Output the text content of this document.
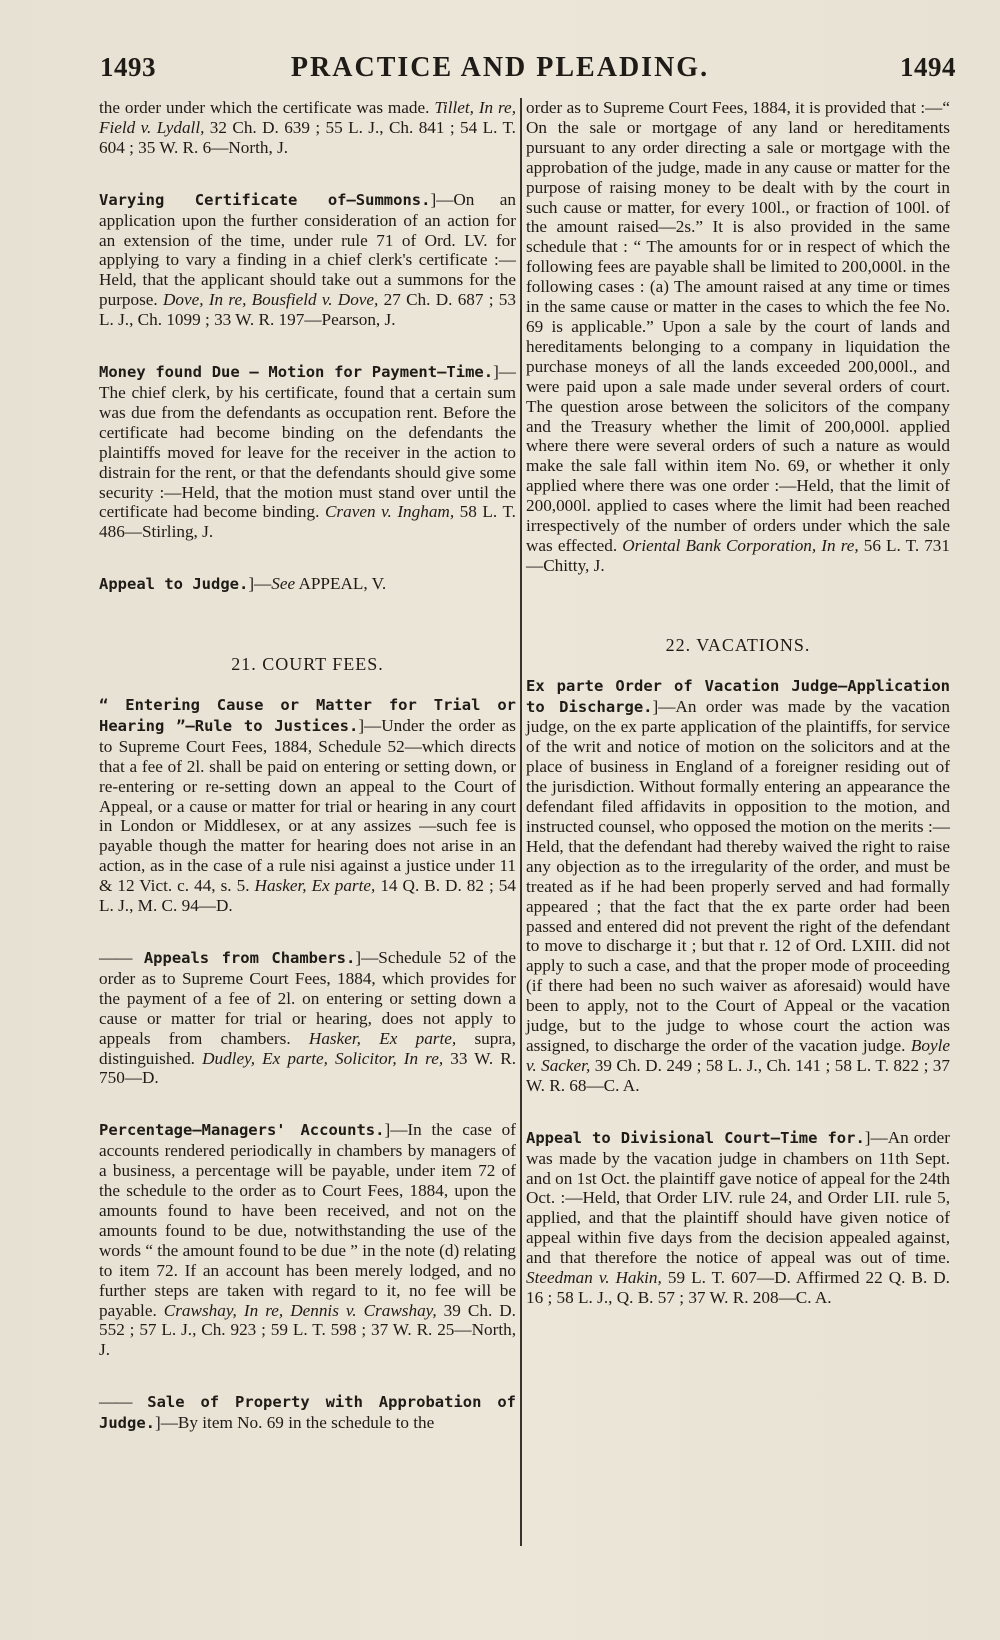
1493	PRACTICE AND PLEADING.	1494

the order under which the certificate was made. Tillet, In re, Field v. Lydall, 32 Ch. D. 639 ; 55 L. J., Ch. 841 ; 54 L. T. 604 ; 35 W. R. 6—North, J.

Varying Certificate of—Summons.]—On an application upon the further consideration of an action for an extension of the time, under rule 71 of Ord. LV. for applying to vary a finding in a chief clerk's certificate :—Held, that the applicant should take out a summons for the purpose. Dove, In re, Bousfield v. Dove, 27 Ch. D. 687 ; 53 L. J., Ch. 1099 ; 33 W. R. 197—Pearson, J.

Money found Due — Motion for Payment—Time.]—The chief clerk, by his certificate, found that a certain sum was due from the defendants as occupation rent. Before the certificate had become binding on the defendants the plaintiffs moved for leave for the receiver in the action to distrain for the rent, or that the defendants should give some security :—Held, that the motion must stand over until the certificate had become binding. Craven v. Ingham, 58 L. T. 486—Stirling, J.

Appeal to Judge.]—See APPEAL, V.

21. COURT FEES.

“ Entering Cause or Matter for Trial or Hearing ”—Rule to Justices.]—Under the order as to Supreme Court Fees, 1884, Schedule 52—which directs that a fee of 2l. shall be paid on entering or setting down, or re-entering or re-setting down an appeal to the Court of Appeal, or a cause or matter for trial or hearing in any court in London or Middlesex, or at any assizes —such fee is payable though the matter for hearing does not arise in an action, as in the case of a rule nisi against a justice under 11 & 12 Vict. c. 44, s. 5. Hasker, Ex parte, 14 Q. B. D. 82 ; 54 L. J., M. C. 94—D.

—— Appeals from Chambers.]—Schedule 52 of the order as to Supreme Court Fees, 1884, which provides for the payment of a fee of 2l. on entering or setting down a cause or matter for trial or hearing, does not apply to appeals from chambers. Hasker, Ex parte, supra, distinguished. Dudley, Ex parte, Solicitor, In re, 33 W. R. 750—D.

Percentage—Managers' Accounts.]—In the case of accounts rendered periodically in chambers by managers of a business, a percentage will be payable, under item 72 of the schedule to the order as to Court Fees, 1884, upon the amounts found to have been received, and not on the amounts found to be due, notwithstanding the use of the words “ the amount found to be due ” in the note (d) relating to item 72. If an account has been merely lodged, and no further steps are taken with regard to it, no fee will be payable. Crawshay, In re, Dennis v. Crawshay, 39 Ch. D. 552 ; 57 L. J., Ch. 923 ; 59 L. T. 598 ; 37 W. R. 25—North, J.

—— Sale of Property with Approbation of Judge.]—By item No. 69 in the schedule to the

order as to Supreme Court Fees, 1884, it is provided that :—“ On the sale or mortgage of any land or hereditaments pursuant to any order directing a sale or mortgage with the approbation of the judge, made in any cause or matter for the purpose of raising money to be dealt with by the court in such cause or matter, for every 100l., or fraction of 100l. of the amount raised—2s.” It is also provided in the same schedule that : “ The amounts for or in respect of which the following fees are payable shall be limited to 200,000l. in the following cases : (a) The amount raised at any time or times in the same cause or matter in the cases to which the fee No. 69 is applicable.” Upon a sale by the court of lands and hereditaments belonging to a company in liquidation the purchase moneys of all the lands exceeded 200,000l., and were paid upon a sale made under several orders of court. The question arose between the solicitors of the company and the Treasury whether the limit of 200,000l. applied where there were several orders of such a nature as would make the sale fall within item No. 69, or whether it only applied where there was one order :—Held, that the limit of 200,000l. applied to cases where the limit had been reached irrespectively of the number of orders under which the sale was effected. Oriental Bank Corporation, In re, 56 L. T. 731—Chitty, J.

22. VACATIONS.

Ex parte Order of Vacation Judge—Application to Discharge.]—An order was made by the vacation judge, on the ex parte application of the plaintiffs, for service of the writ and notice of motion on the solicitors and at the place of business in England of a foreigner residing out of the jurisdiction. Without formally entering an appearance the defendant filed affidavits in opposition to the motion, and instructed counsel, who opposed the motion on the merits :—Held, that the defendant had thereby waived the right to raise any objection as to the irregularity of the order, and must be treated as if he had been properly served and had formally appeared ; that the fact that the ex parte order had been passed and entered did not prevent the right of the defendant to move to discharge it ; but that r. 12 of Ord. LXIII. did not apply to such a case, and that the proper mode of proceeding (if there had been no such waiver as aforesaid) would have been to apply, not to the Court of Appeal or the vacation judge, but to the judge to whose court the action was assigned, to discharge the order of the vacation judge. Boyle v. Sacker, 39 Ch. D. 249 ; 58 L. J., Ch. 141 ; 58 L. T. 822 ; 37 W. R. 68—C. A.

Appeal to Divisional Court—Time for.]—An order was made by the vacation judge in chambers on 11th Sept. and on 1st Oct. the plaintiff gave notice of appeal for the 24th Oct. :—Held, that Order LIV. rule 24, and Order LII. rule 5, applied, and that the plaintiff should have given notice of appeal within five days from the decision appealed against, and that therefore the notice of appeal was out of time. Steedman v. Hakin, 59 L. T. 607—D. Affirmed 22 Q. B. D. 16 ; 58 L. J., Q. B. 57 ; 37 W. R. 208—C. A.
